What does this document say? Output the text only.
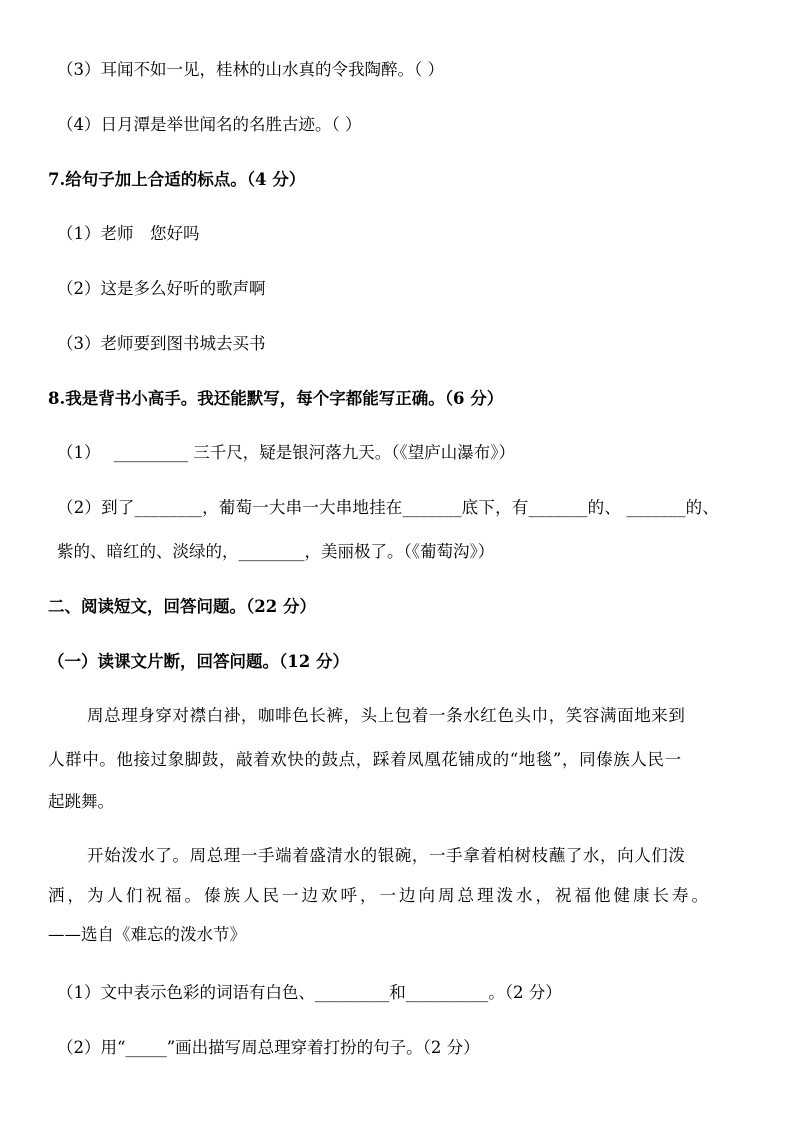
（3）耳闻不如一见，桂林的山水真的令我陶醉。（ ）
（4）日月潭是举世闻名的名胜古迹。（ ）
7.给句子加上合适的标点。（4 分）
（1）老师　您好吗
（2）这是多么好听的歌声啊
（3）老师要到图书城去买书
8.我是背书小高手。我还能默写，每个字都能写正确。（6 分）
（1） _________ 三千尺，疑是银河落九天。（《望庐山瀑布》）
（2）到了________，葡萄一大串一大串地挂在_______底下，有_______的、 _______的、
紫的、暗红的、淡绿的，________，美丽极了。（《葡萄沟》）
二、阅读短文，回答问题。（22 分）
（一）读课文片断，回答问题。（12 分）
周总理身穿对襟白褂，咖啡色长裤，头上包着一条水红色头巾，笑容满面地来到
人群中。他接过象脚鼓，敲着欢快的鼓点，踩着凤凰花铺成的“地毯”，同傣族人民一
起跳舞。
开始泼水了。周总理一手端着盛清水的银碗，一手拿着柏树枝蘸了水，向人们泼
洒，为人们祝福。傣族人民一边欢呼，一边向周总理泼水，祝福他健康长寿。
——选自《难忘的泼水节》
（1）文中表示色彩的词语有白色、_________和__________。（2 分）
（2）用“_____”画出描写周总理穿着打扮的句子。（2 分）
